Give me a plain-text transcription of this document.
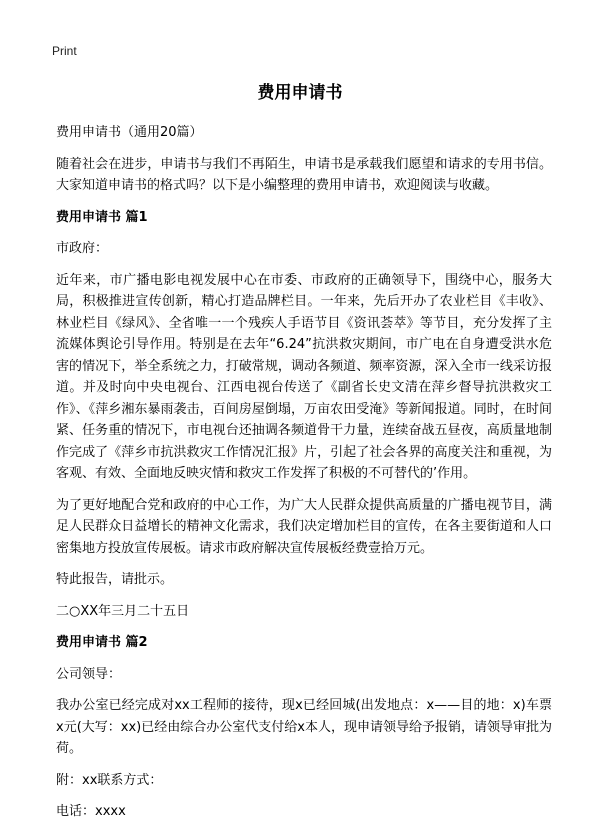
Print
费用申请书

费用申请书（通用20篇）

随着社会在进步，申请书与我们不再陌生，申请书是承载我们愿望和请求的专用书信。大家知道申请书的格式吗？以下是小编整理的费用申请书，欢迎阅读与收藏。

费用申请书 篇1

市政府：

近年来，市广播电影电视发展中心在市委、市政府的正确领导下，围绕中心，服务大局，积极推进宣传创新，精心打造品牌栏目。一年来，先后开办了农业栏目《丰收》、林业栏目《绿风》、全省唯一一个残疾人手语节目《资讯荟萃》等节目，充分发挥了主流媒体舆论引导作用。特别是在去年“6.24”抗洪救灾期间，市广电在自身遭受洪水危害的情况下，举全系统之力，打破常规，调动各频道、频率资源，深入全市一线采访报道。并及时向中央电视台、江西电视台传送了《副省长史文清在萍乡督导抗洪救灾工作》、《萍乡湘东暴雨袭击，百间房屋倒塌，万亩农田受淹》等新闻报道。同时，在时间紧、任务重的情况下，市电视台还抽调各频道骨干力量，连续奋战五昼夜，高质量地制作完成了《萍乡市抗洪救灾工作情况汇报》片，引起了社会各界的高度关注和重视，为客观、有效、全面地反映灾情和救灾工作发挥了积极的不可替代的’作用。

为了更好地配合党和政府的中心工作，为广大人民群众提供高质量的广播电视节目，满足人民群众日益增长的精神文化需求，我们决定增加栏目的宣传，在各主要街道和人口密集地方投放宣传展板。请求市政府解决宣传展板经费壹拾万元。

特此报告，请批示。

二○XX年三月二十五日

费用申请书 篇2

公司领导：

我办公室已经完成对xx工程师的接待，现x已经回城(出发地点：x——目的地：x)车票x元(大写：xx)已经由综合办公室代支付给x本人，现申请领导给予报销，请领导审批为荷。

附：xx联系方式：

电话：xxxx
